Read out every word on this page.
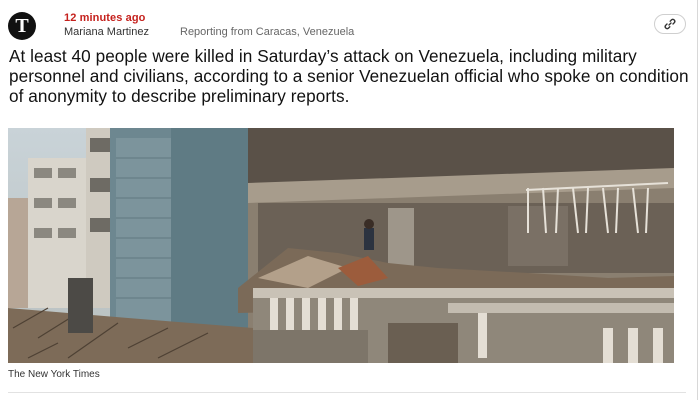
T	12 minutes ago
Mariana Martinez	Reporting from Caracas, Venezuela
At least 40 people were killed in Saturday’s attack on Venezuela, including military personnel and civilians, according to a senior Venezuelan official who spoke on condition of anonymity to describe preliminary reports.
The New York Times
